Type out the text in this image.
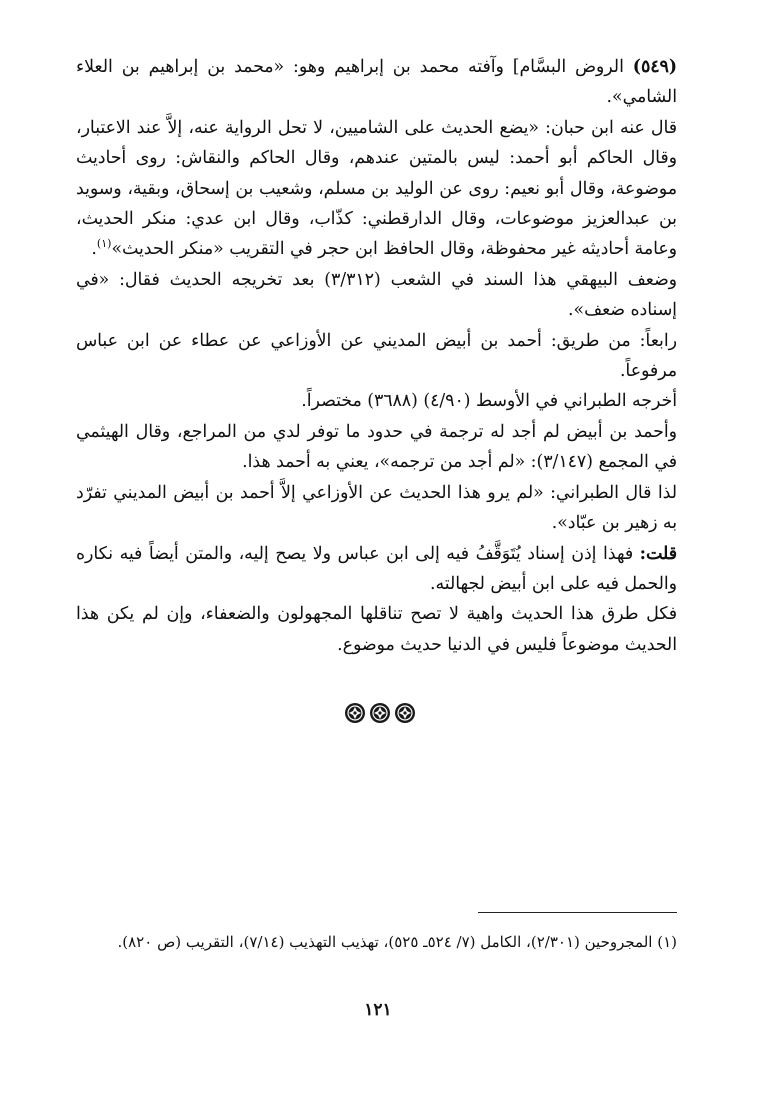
(٥٤٩) الروض البسَّام] وآفته محمد بن إبراهيم وهو: «محمد بن إبراهيم بن العلاء الشامي».

قال عنه ابن حبان: «يضع الحديث على الشاميين، لا تحل الرواية عنه، إلاَّ عند الاعتبار، وقال الحاكم أبو أحمد: ليس بالمتين عندهم، وقال الحاكم والنقاش: روى أحاديث موضوعة، وقال أبو نعيم: روى عن الوليد بن مسلم، وشعيب بن إسحاق، وبقية، وسويد بن عبدالعزيز موضوعات، وقال الدارقطني: كذّاب، وقال ابن عدي: منكر الحديث، وعامة أحاديثه غير محفوظة، وقال الحافظ ابن حجر في التقريب «منكر الحديث»$^{(١)}$.

وضعف البيهقي هذا السند في الشعب (٣/٣١٢) بعد تخريجه الحديث فقال: «في إسناده ضعف».

رابعاً: من طريق: أحمد بن أبيض المديني عن الأوزاعي عن عطاء عن ابن عباس مرفوعاً.

أخرجه الطبراني في الأوسط (٤/٩٠) (٣٦٨٨) مختصراً.

وأحمد بن أبيض لم أجد له ترجمة في حدود ما توفر لدي من المراجع، وقال الهيثمي في المجمع (٣/١٤٧): «لم أجد من ترجمه»، يعني به أحمد هذا.

لذا قال الطبراني: «لم يرو هذا الحديث عن الأوزاعي إلاَّ أحمد بن أبيض المديني تفرّد به زهير بن عبّاد».

قلت: فهذا إذن إسناد يُتَوَقَّفُ فيه إلى ابن عباس ولا يصح إليه، والمتن أيضاً فيه نكاره والحمل فيه على ابن أبيض لجهالته.

فكل طرق هذا الحديث واهية لا تصح تناقلها المجهولون والضعفاء، وإن لم يكن هذا الحديث موضوعاً فليس في الدنيا حديث موضوع.

(١) المجروحين (٢/٣٠١)، الكامل (٧/ ٥٢٤ـ ٥٢٥)، تهذيب التهذيب (٧/١٤)، التقريب (ص ٨٢٠).

١٢١
